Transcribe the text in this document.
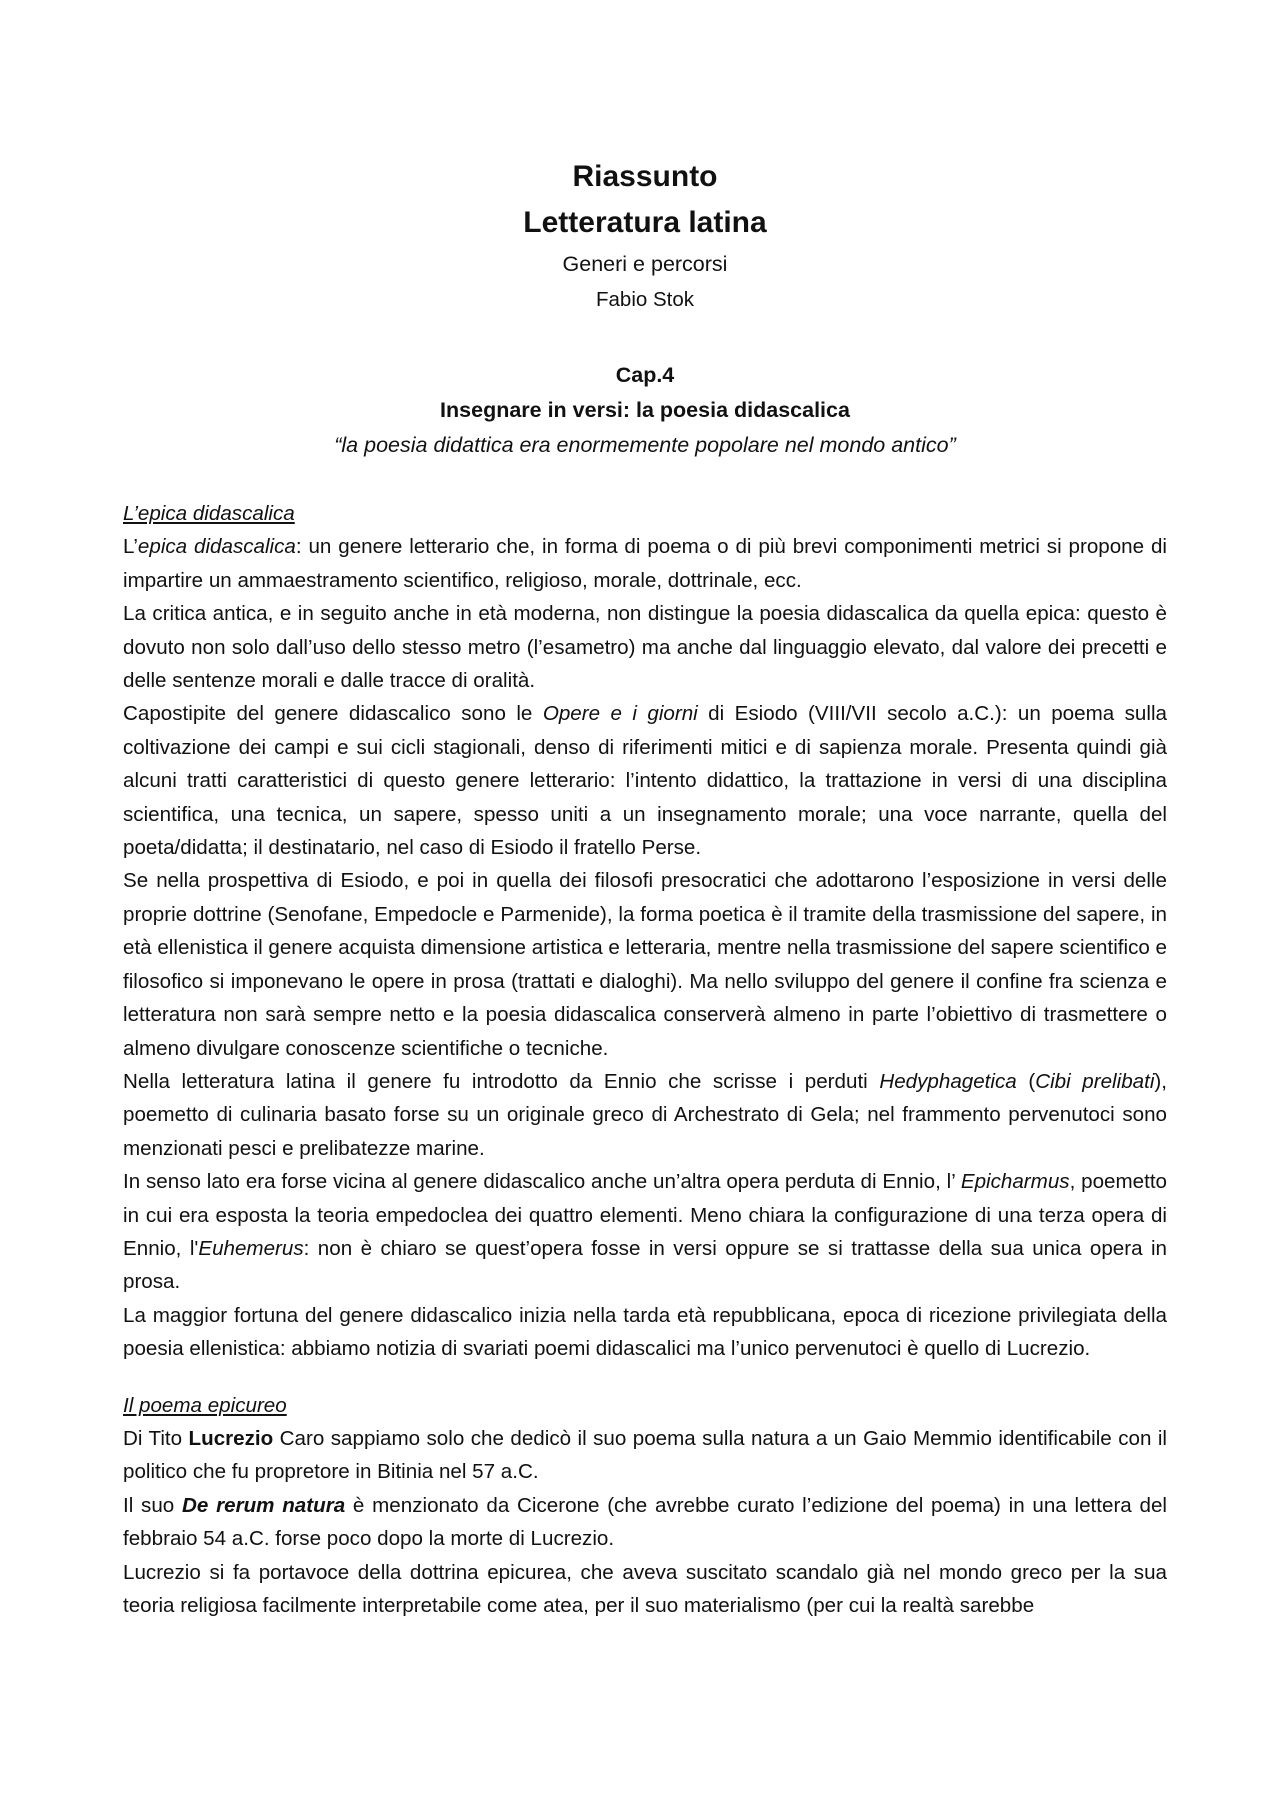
Riassunto

Letteratura latina

Generi e percorsi

Fabio Stok

Cap.4
Insegnare in versi: la poesia didascalica
“la poesia didattica era enormemente popolare nel mondo antico”

L’epica didascalica

L’epica didascalica: un genere letterario che, in forma di poema o di più brevi componimenti metrici si propone di impartire un ammaestramento scientifico, religioso, morale, dottrinale, ecc.

La critica antica, e in seguito anche in età moderna, non distingue la poesia didascalica da quella epica: questo è dovuto non solo dall’uso dello stesso metro (l’esametro) ma anche dal linguaggio elevato, dal valore dei precetti e delle sentenze morali e dalle tracce di oralità.

Capostipite del genere didascalico sono le Opere e i giorni di Esiodo (VIII/VII secolo a.C.): un poema sulla coltivazione dei campi e sui cicli stagionali, denso di riferimenti mitici e di sapienza morale. Presenta quindi già alcuni tratti caratteristici di questo genere letterario: l’intento didattico, la trattazione in versi di una disciplina scientifica, una tecnica, un sapere, spesso uniti a un insegnamento morale; una voce narrante, quella del poeta/didatta; il destinatario, nel caso di Esiodo il fratello Perse.

Se nella prospettiva di Esiodo, e poi in quella dei filosofi presocratici che adottarono l’esposizione in versi delle proprie dottrine (Senofane, Empedocle e Parmenide), la forma poetica è il tramite della trasmissione del sapere, in età ellenistica il genere acquista dimensione artistica e letteraria, mentre nella trasmissione del sapere scientifico e filosofico si imponevano le opere in prosa (trattati e dialoghi). Ma nello sviluppo del genere il confine fra scienza e letteratura non sarà sempre netto e la poesia didascalica conserverà almeno in parte l’obiettivo di trasmettere o almeno divulgare conoscenze scientifiche o tecniche.

Nella letteratura latina il genere fu introdotto da Ennio che scrisse i perduti Hedyphagetica (Cibi prelibati), poemetto di culinaria basato forse su un originale greco di Archestrato di Gela; nel frammento pervenutoci sono menzionati pesci e prelibatezze marine.

In senso lato era forse vicina al genere didascalico anche un’altra opera perduta di Ennio, l’ Epicharmus, poemetto in cui era esposta la teoria empedoclea dei quattro elementi. Meno chiara la configurazione di una terza opera di Ennio, l'Euhemerus: non è chiaro se quest’opera fosse in versi oppure se si trattasse della sua unica opera in prosa.

La maggior fortuna del genere didascalico inizia nella tarda età repubblicana, epoca di ricezione privilegiata della poesia ellenistica: abbiamo notizia di svariati poemi didascalici ma l’unico pervenutoci è quello di Lucrezio.

Il poema epicureo

Di Tito Lucrezio Caro sappiamo solo che dedicò il suo poema sulla natura a un Gaio Memmio identificabile con il politico che fu propretore in Bitinia nel 57 a.C.

Il suo De rerum natura è menzionato da Cicerone (che avrebbe curato l’edizione del poema) in una lettera del febbraio 54 a.C. forse poco dopo la morte di Lucrezio.

Lucrezio si fa portavoce della dottrina epicurea, che aveva suscitato scandalo già nel mondo greco per la sua teoria religiosa facilmente interpretabile come atea, per il suo materialismo (per cui la realtà sarebbe
